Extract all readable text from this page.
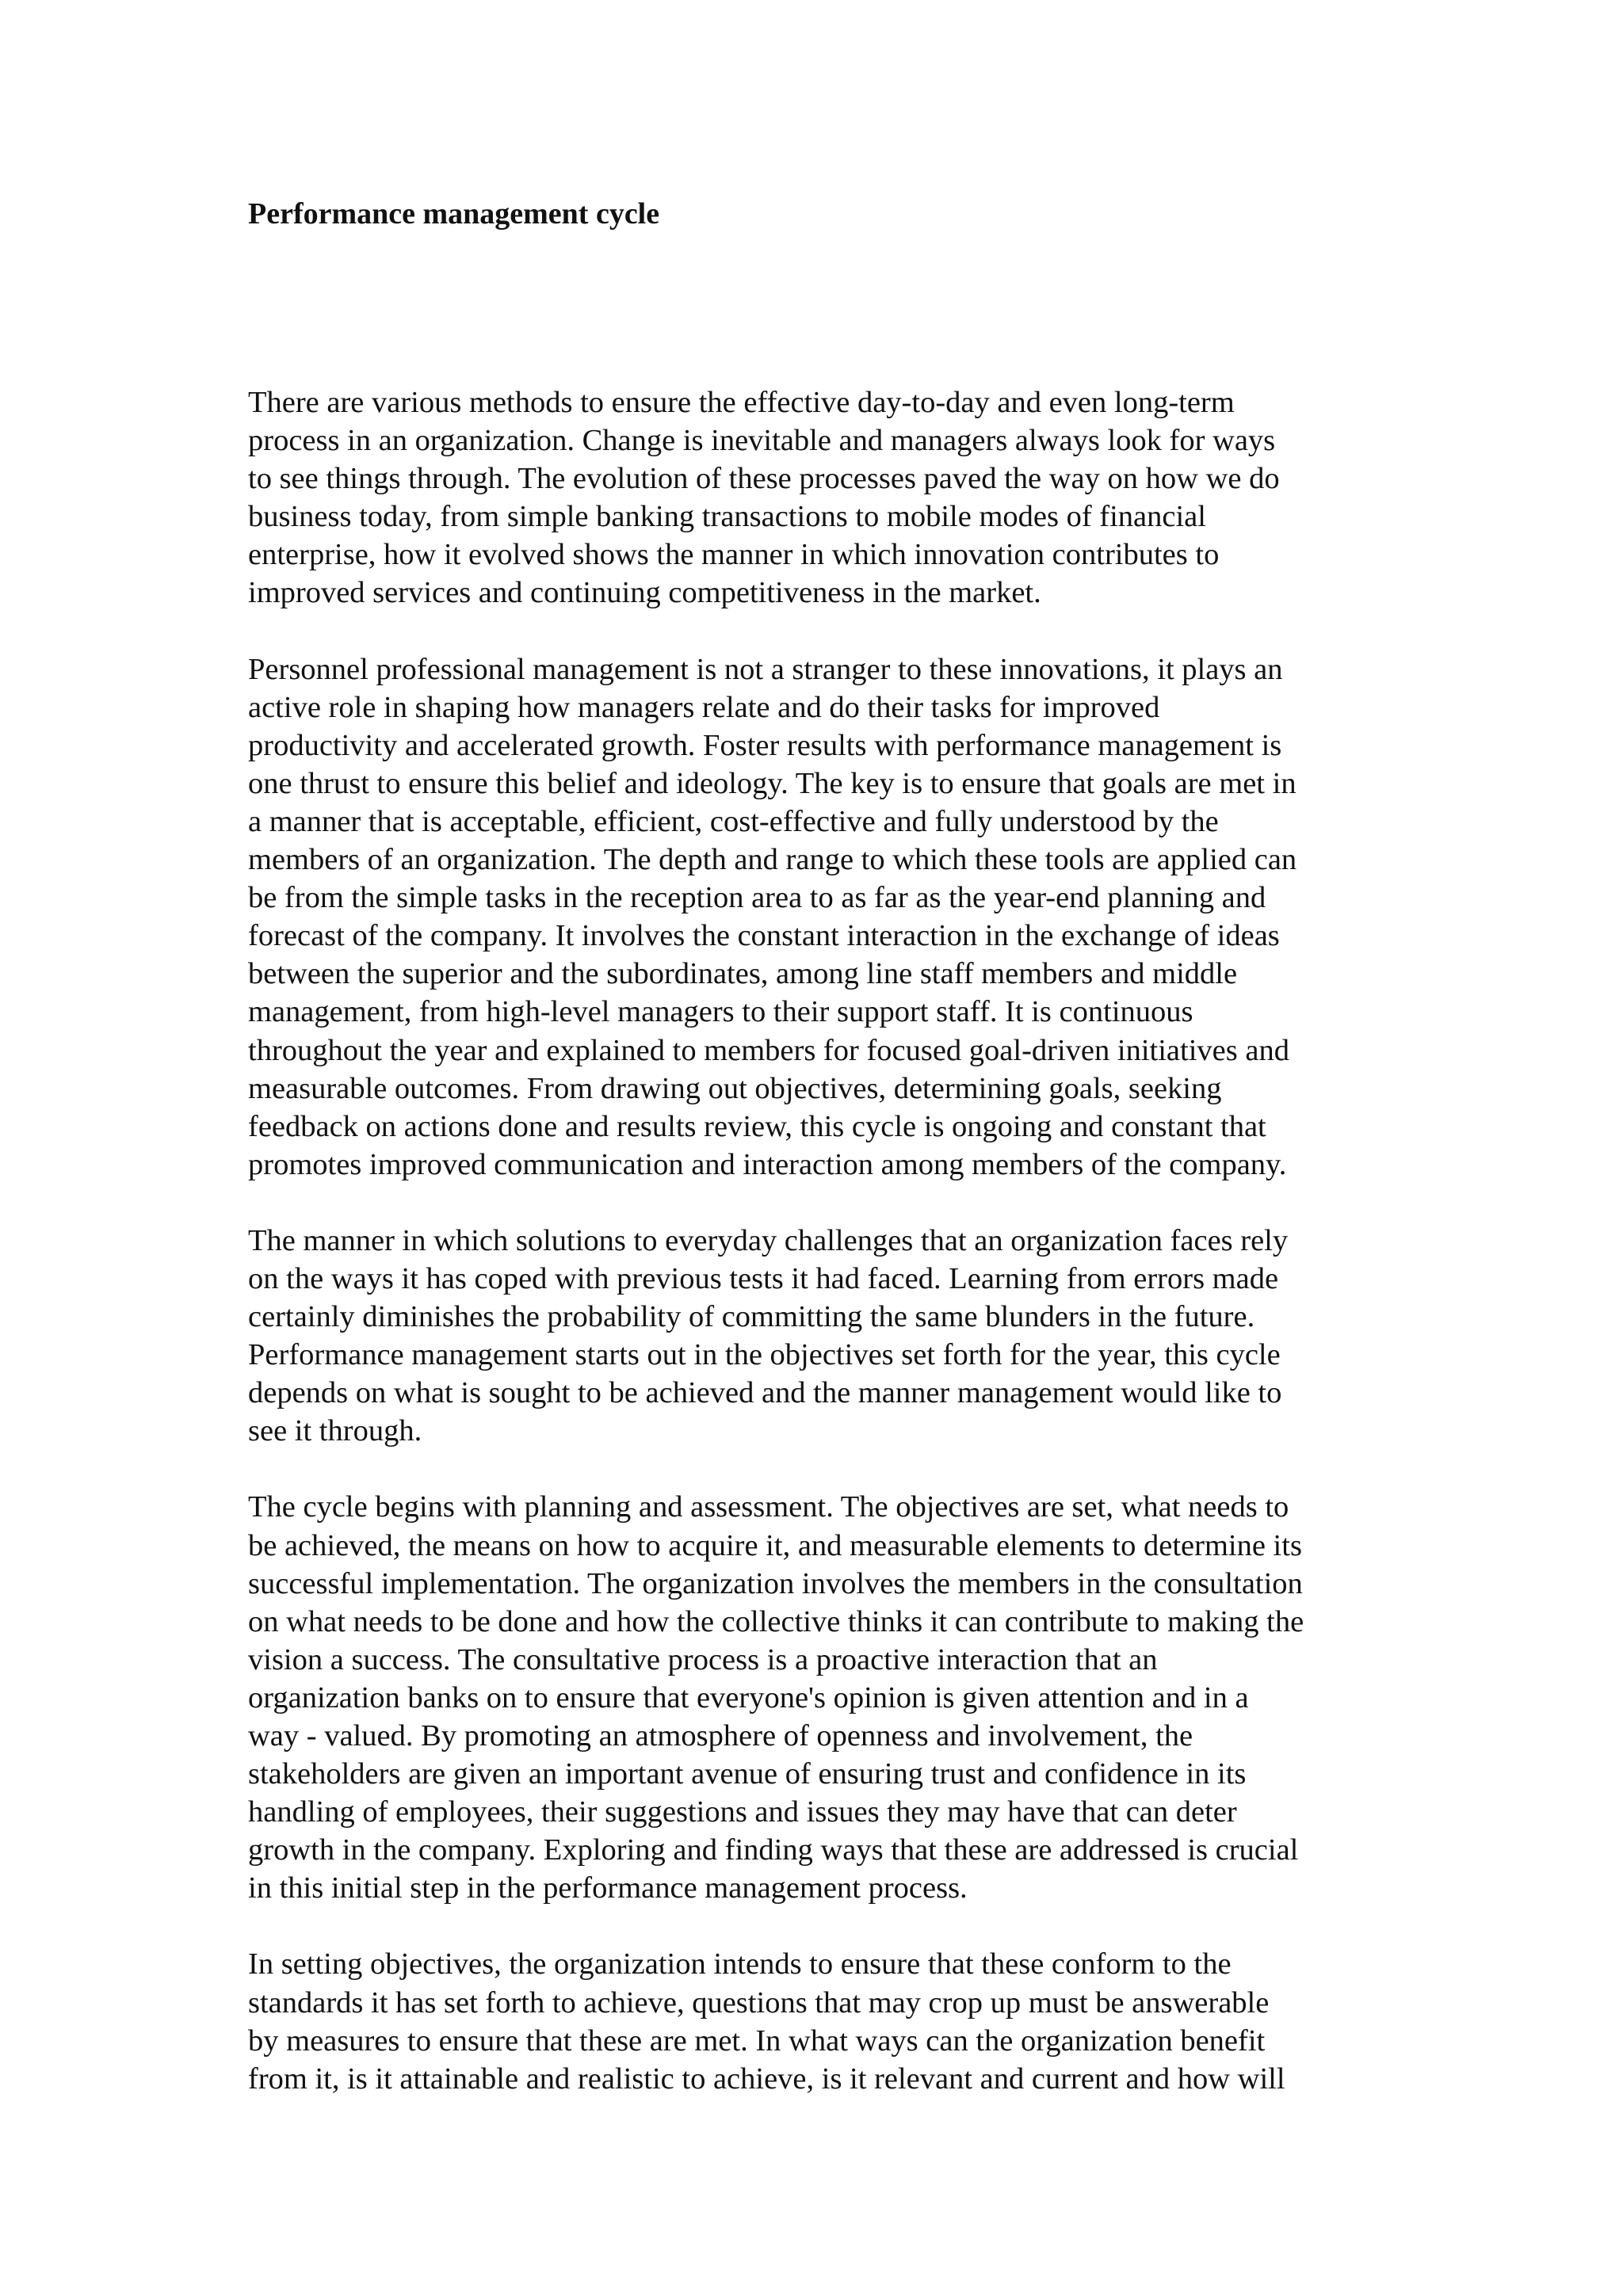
Performance management cycle

There are various methods to ensure the effective day-to-day and even long-term
process in an organization. Change is inevitable and managers always look for ways
to see things through. The evolution of these processes paved the way on how we do
business today, from simple banking transactions to mobile modes of financial
enterprise, how it evolved shows the manner in which innovation contributes to
improved services and continuing competitiveness in the market.

Personnel professional management is not a stranger to these innovations, it plays an
active role in shaping how managers relate and do their tasks for improved
productivity and accelerated growth. Foster results with performance management is
one thrust to ensure this belief and ideology. The key is to ensure that goals are met in
a manner that is acceptable, efficient, cost-effective and fully understood by the
members of an organization. The depth and range to which these tools are applied can
be from the simple tasks in the reception area to as far as the year-end planning and
forecast of the company. It involves the constant interaction in the exchange of ideas
between the superior and the subordinates, among line staff members and middle
management, from high-level managers to their support staff. It is continuous
throughout the year and explained to members for focused goal-driven initiatives and
measurable outcomes. From drawing out objectives, determining goals, seeking
feedback on actions done and results review, this cycle is ongoing and constant that
promotes improved communication and interaction among members of the company.

The manner in which solutions to everyday challenges that an organization faces rely
on the ways it has coped with previous tests it had faced. Learning from errors made
certainly diminishes the probability of committing the same blunders in the future.
Performance management starts out in the objectives set forth for the year, this cycle
depends on what is sought to be achieved and the manner management would like to
see it through.

The cycle begins with planning and assessment. The objectives are set, what needs to
be achieved, the means on how to acquire it, and measurable elements to determine its
successful implementation. The organization involves the members in the consultation
on what needs to be done and how the collective thinks it can contribute to making the
vision a success. The consultative process is a proactive interaction that an
organization banks on to ensure that everyone's opinion is given attention and in a
way - valued. By promoting an atmosphere of openness and involvement, the
stakeholders are given an important avenue of ensuring trust and confidence in its
handling of employees, their suggestions and issues they may have that can deter
growth in the company. Exploring and finding ways that these are addressed is crucial
in this initial step in the performance management process.

In setting objectives, the organization intends to ensure that these conform to the
standards it has set forth to achieve, questions that may crop up must be answerable
by measures to ensure that these are met. In what ways can the organization benefit
from it, is it attainable and realistic to achieve, is it relevant and current and how will
